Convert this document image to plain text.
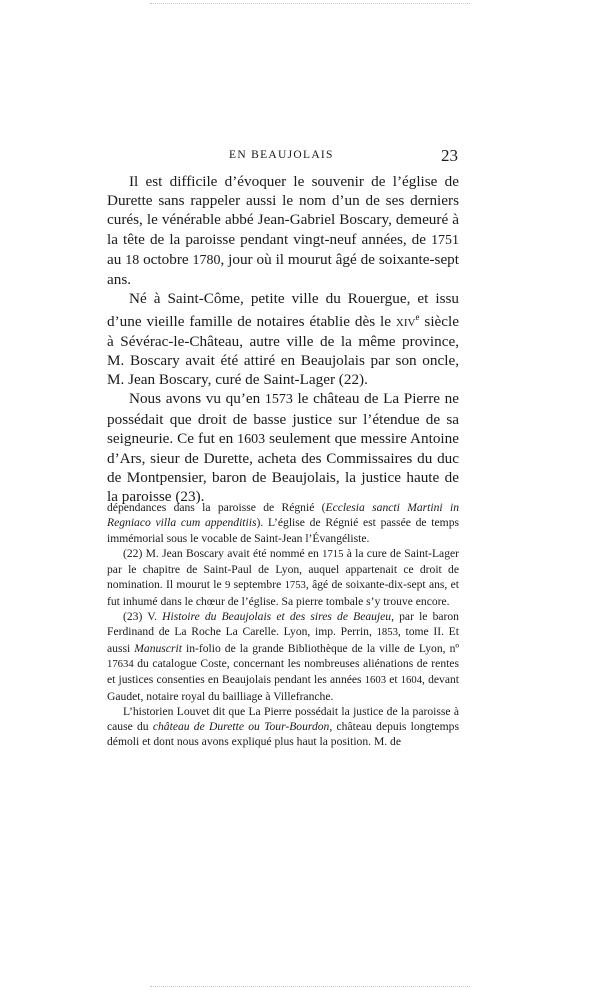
EN BEAUJOLAIS	23

Il est difficile d’évoquer le souvenir de l’église de Durette sans rappeler aussi le nom d’un de ses derniers curés, le vénérable abbé Jean-Gabriel Boscary, demeuré à la tête de la paroisse pendant vingt-neuf années, de 1751 au 18 octobre 1780, jour où il mourut âgé de soixante-sept ans.

Né à Saint-Côme, petite ville du Rouergue, et issu d’une vieille famille de notaires établie dès le xiv$^e$ siècle à Sévérac-le-Château, autre ville de la même province, M. Boscary avait été attiré en Beaujolais par son oncle, M. Jean Boscary, curé de Saint-Lager (22).

Nous avons vu qu’en 1573 le château de La Pierre ne possédait que droit de basse justice sur l’étendue de sa seigneurie. Ce fut en 1603 seulement que messire Antoine d’Ars, sieur de Durette, acheta des Commissaires du duc de Montpensier, baron de Beaujolais, la justice haute de la paroisse (23).

dépendances dans la paroisse de Régnié (Ecclesia sancti Martini in Regniaco villa cum appenditiis). L’église de Régnié est passée de temps immémorial sous le vocable de Saint-Jean l’Évangéliste.

(22) M. Jean Boscary avait été nommé en 1715 à la cure de Saint-Lager par le chapitre de Saint-Paul de Lyon, auquel appartenait ce droit de nomination. Il mourut le 9 septembre 1753, âgé de soixante-dix-sept ans, et fut inhumé dans le chœur de l’église. Sa pierre tombale s’y trouve encore.

(23) V. Histoire du Beaujolais et des sires de Beaujeu, par le baron Ferdinand de La Roche La Carelle. Lyon, imp. Perrin, 1853, tome II. Et aussi Manuscrit in-folio de la grande Bibliothèque de la ville de Lyon, nº 17634 du catalogue Coste, concernant les nombreuses aliénations de rentes et justices consenties en Beaujolais pendant les années 1603 et 1604, devant Gaudet, notaire royal du bailliage à Villefranche.

L’historien Louvet dit que La Pierre possédait la justice de la paroisse à cause du château de Durette ou Tour-Bourdon, château depuis longtemps démoli et dont nous avons expliqué plus haut la position. M. de
